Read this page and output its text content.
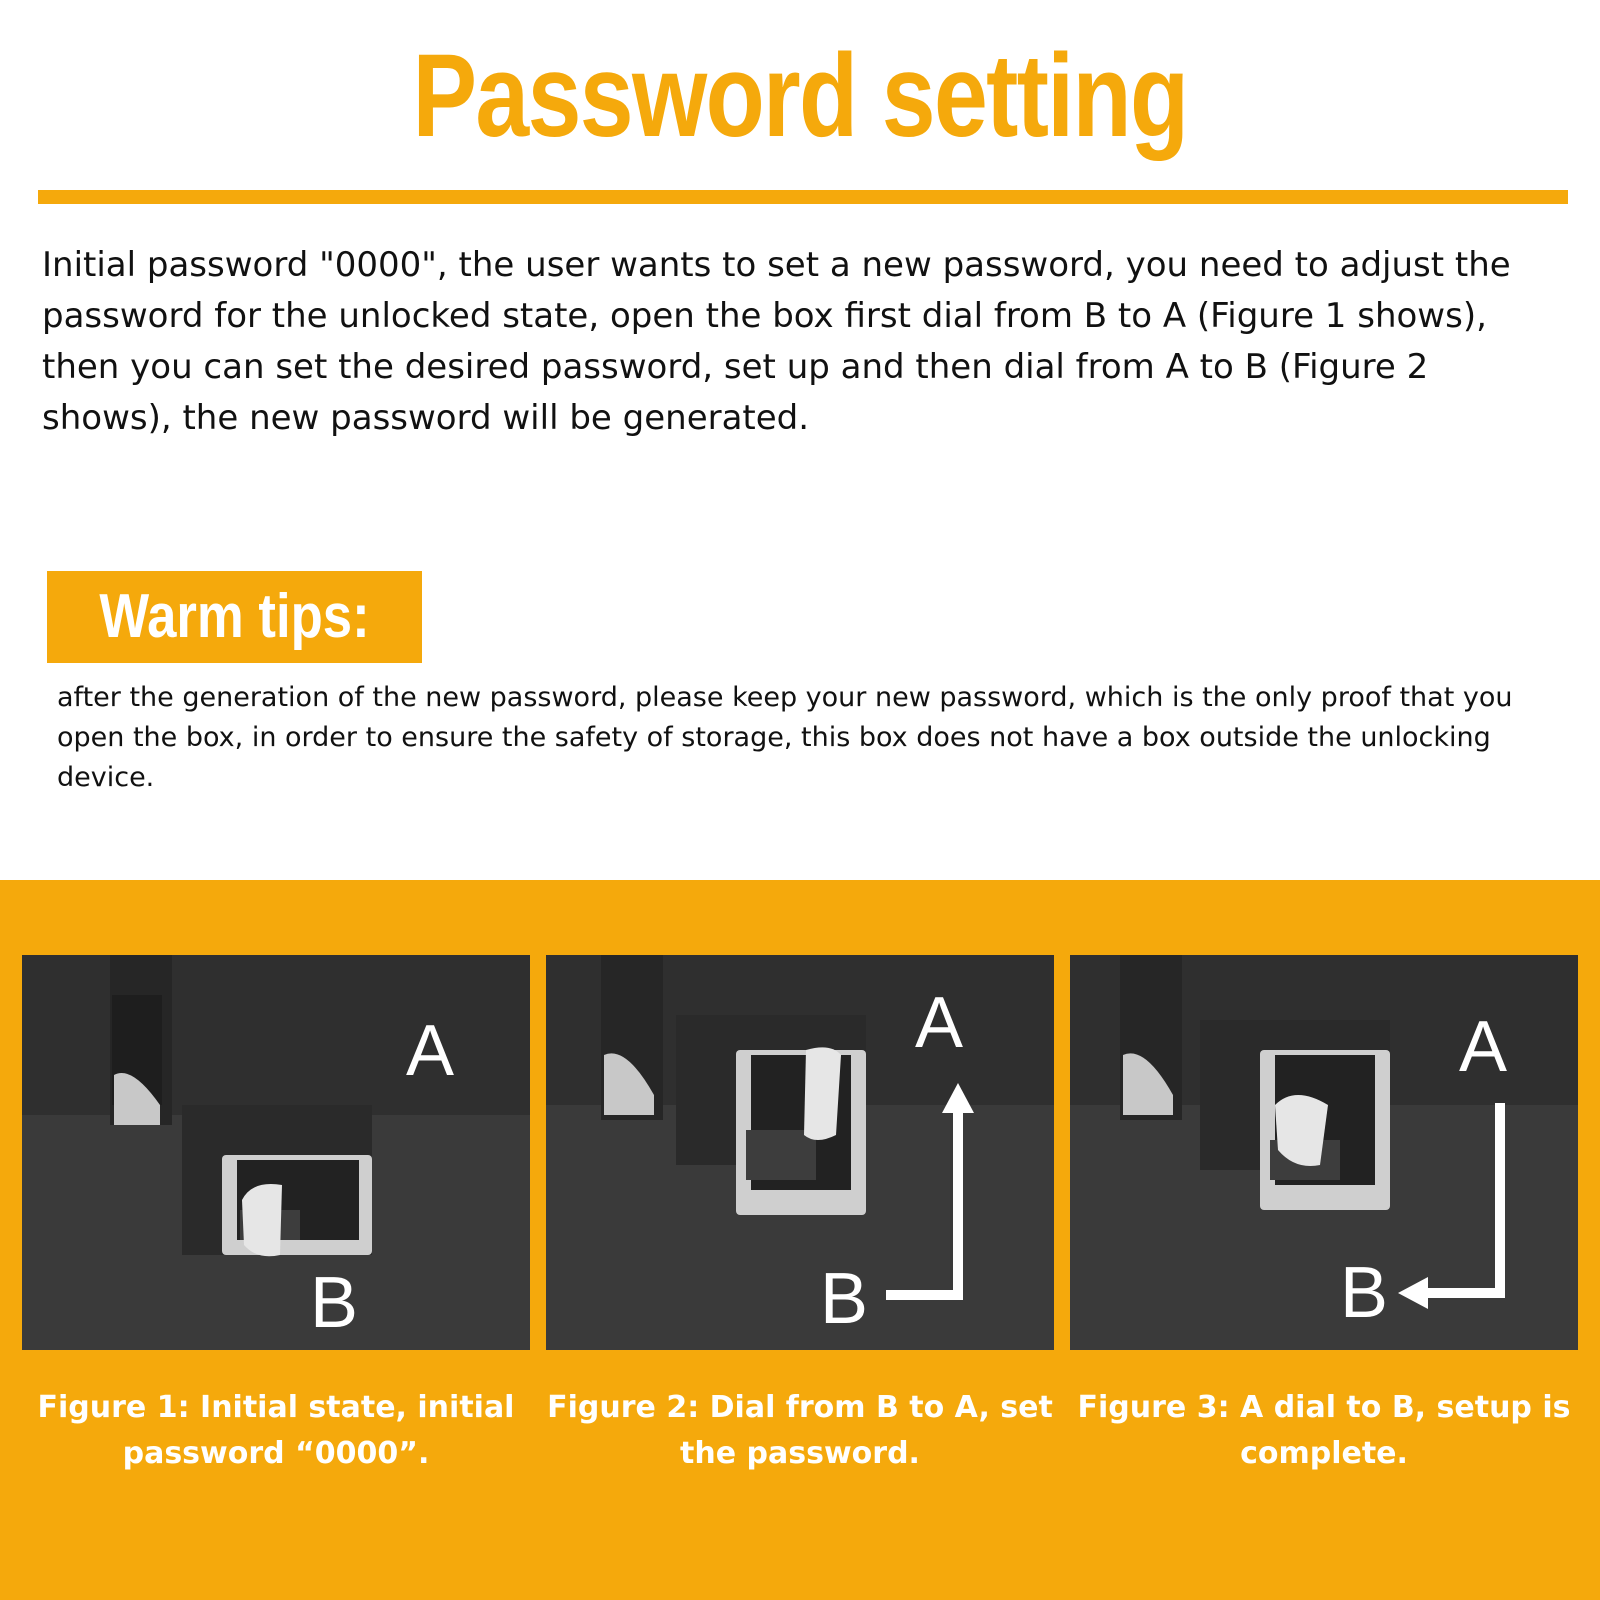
Password setting

Initial password "0000", the user wants to set a new password, you need to adjust the password for the unlocked state, open the box first dial from B to A (Figure 1 shows), then you can set the desired password, set up and then dial from A to B (Figure 2 shows), the new password will be generated.

Warm tips:

after the generation of the new password, please keep your new password, which is the only proof that you open the box, in order to ensure the safety of storage, this box does not have a box outside the unlocking device.

A
B

Figure 1: Initial state, initial
password “0000”.

A
B

Figure 2: Dial from B to A, set
the password.

A
B

Figure 3: A dial to B, setup is
complete.
